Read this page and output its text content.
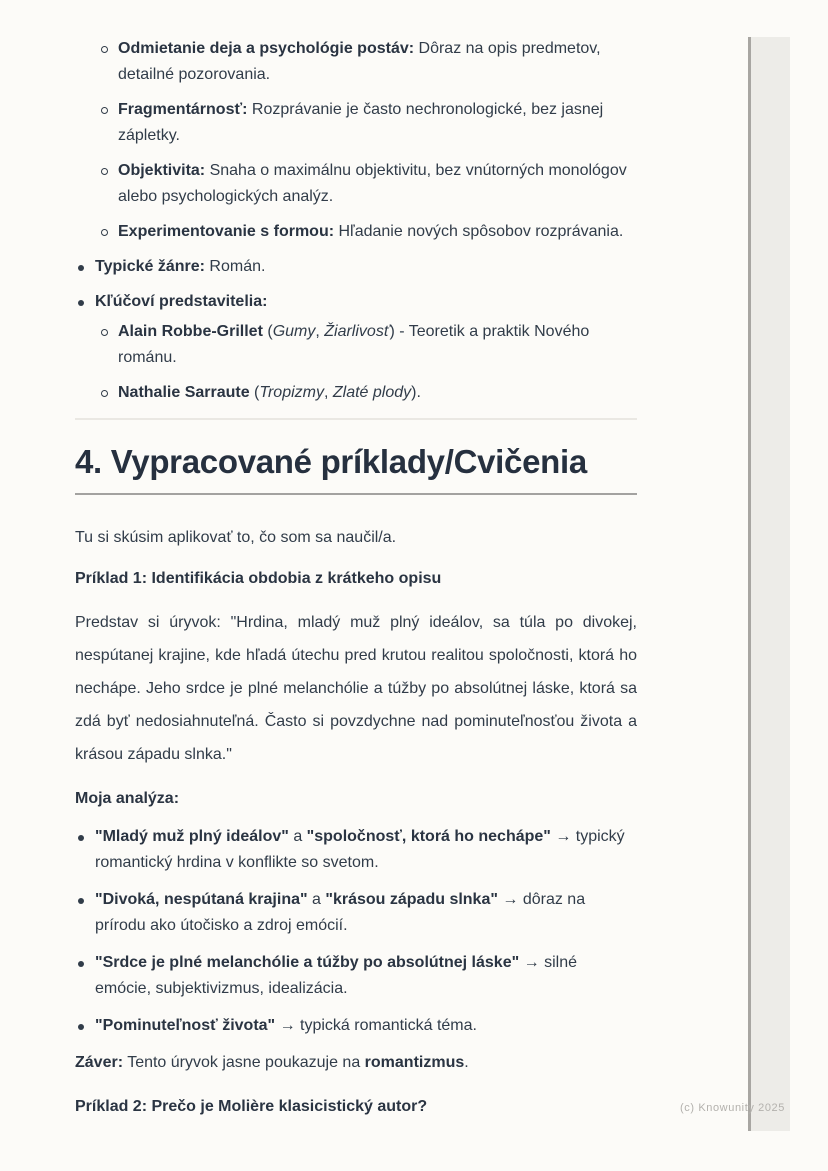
Odmietanie deja a psychológie postáv: Dôraz na opis predmetov, detailné pozorovania.
Fragmentárnosť: Rozprávanie je často nechronologické, bez jasnej zápletky.
Objektivita: Snaha o maximálnu objektivitu, bez vnútorných monológov alebo psychologických analýz.
Experimentovanie s formou: Hľadanie nových spôsobov rozprávania.
Typické žánre: Román.
Kľúčoví predstavitelia:
Alain Robbe-Grillet (Gumy, Žiarlivosť) - Teoretik a praktik Nového románu.
Nathalie Sarraute (Tropizmy, Zlaté plody).
4. Vypracované príklady/Cvičenia

Tu si skúsim aplikovať to, čo som sa naučil/a.

Príklad 1: Identifikácia obdobia z krátkeho opisu

Predstav si úryvok: "Hrdina, mladý muž plný ideálov, sa túla po divokej, nespútanej krajine, kde hľadá útechu pred krutou realitou spoločnosti, ktorá ho nechápe. Jeho srdce je plné melanchólie a túžby po absolútnej láske, ktorá sa zdá byť nedosiahnuteľná. Často si povzdychne nad pominuteľnosťou života a krásou západu slnka."

Moja analýza:

"Mladý muž plný ideálov" a "spoločnosť, ktorá ho nechápe" → typický romantický hrdina v konflikte so svetom.
"Divoká, nespútaná krajina" a "krásou západu slnka" → dôraz na prírodu ako útočisko a zdroj emócií.
"Srdce je plné melanchólie a túžby po absolútnej láske" → silné emócie, subjektivizmus, idealizácia.
"Pominuteľnosť života" → typická romantická téma.

Záver: Tento úryvok jasne poukazuje na romantizmus.

Príklad 2: Prečo je Molière klasicistický autor?	(c) Knowunity 2025
